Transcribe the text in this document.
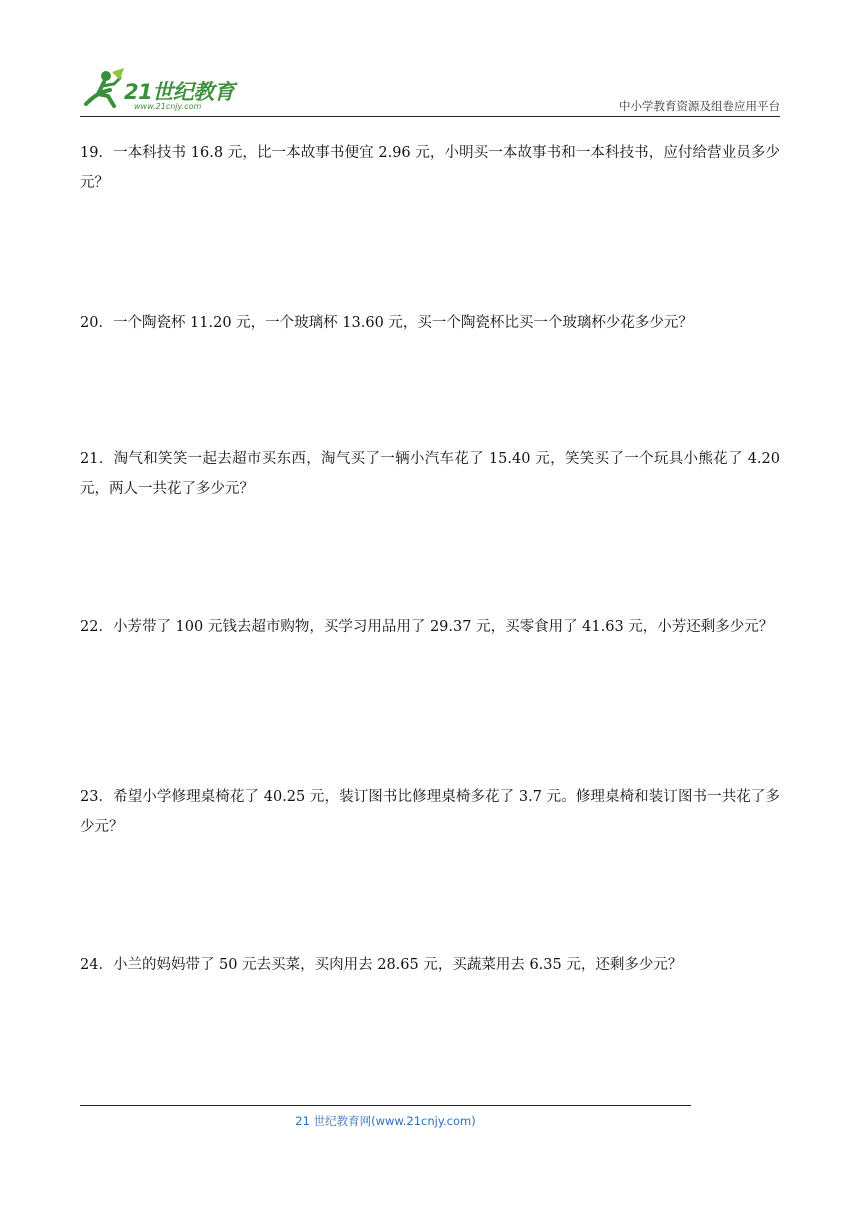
21世纪教育
www.21cnjy.com	中小学教育资源及组卷应用平台
19．一本科技书 16.8 元，比一本故事书便宜 2.96 元，小明买一本故事书和一本科技书，应付给营业员多少元？
20．一个陶瓷杯 11.20 元，一个玻璃杯 13.60 元，买一个陶瓷杯比买一个玻璃杯少花多少元？
21．淘气和笑笑一起去超市买东西，淘气买了一辆小汽车花了 15.40 元，笑笑买了一个玩具小熊花了 4.20 元，两人一共花了多少元？
22．小芳带了 100 元钱去超市购物，买学习用品用了 29.37 元，买零食用了 41.63 元，小芳还剩多少元？
23．希望小学修理桌椅花了 40.25 元，装订图书比修理桌椅多花了 3.7 元。修理桌椅和装订图书一共花了多少元？
24．小兰的妈妈带了 50 元去买菜，买肉用去 28.65 元，买蔬菜用去 6.35 元，还剩多少元？
21 世纪教育网(www.21cnjy.com)
